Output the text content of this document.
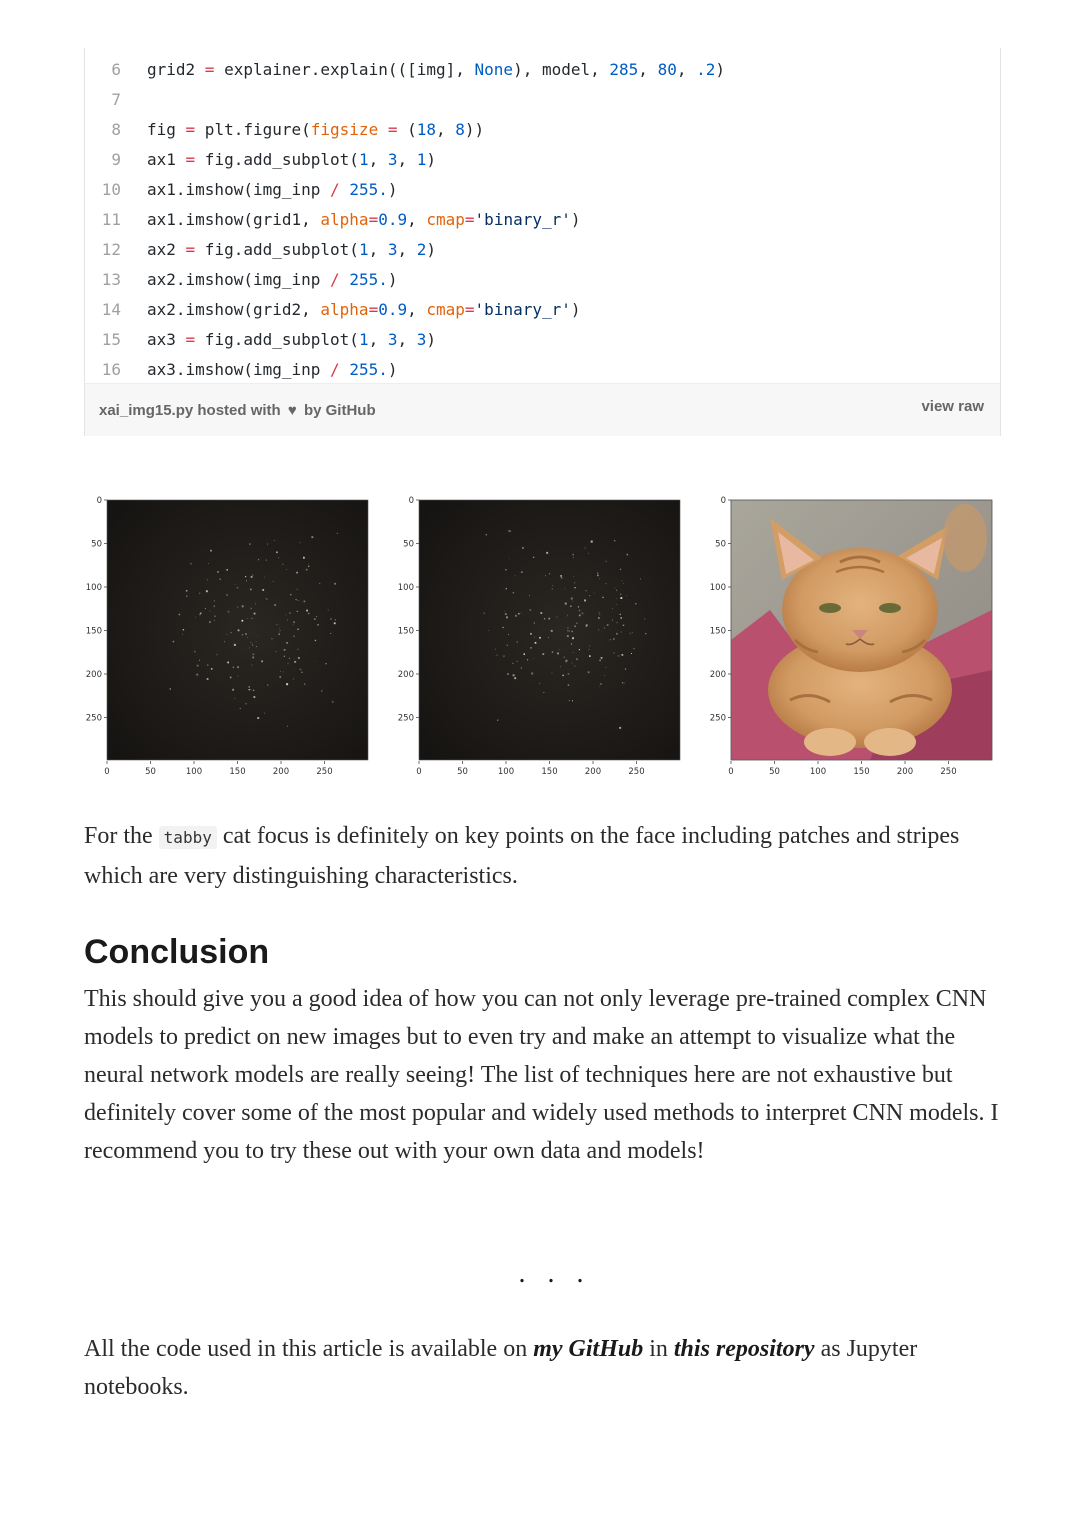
6 grid2 = explainer.explain(([img], None), model, 285, 80, .2)
7
8 fig = plt.figure(figsize = (18, 8))
9 ax1 = fig.add_subplot(1, 3, 1)
10 ax1.imshow(img_inp / 255.)
11 ax1.imshow(grid1, alpha=0.9, cmap='binary_r')
12 ax2 = fig.add_subplot(1, 3, 2)
13 ax2.imshow(img_inp / 255.)
14 ax2.imshow(grid2, alpha=0.9, cmap='binary_r')
15 ax3 = fig.add_subplot(1, 3, 3)
16 ax3.imshow(img_inp / 255.)
xai_img15.py hosted with ♥ by GitHub	view raw
0	50	100	150	200	250
0
50
100
150
200
250
0	50	100	150	200	250
0
50
100
150
200
250
0	50	100	150	200	250
0
50
100
150
200
250

For the tabby cat focus is definitely on key points on the face including patches and stripes which are very distinguishing characteristics.

Conclusion

This should give you a good idea of how you can not only leverage pre-trained complex CNN models to predict on new images but to even try and make an attempt to visualize what the neural network models are really seeing! The list of techniques here are not exhaustive but definitely cover some of the most popular and widely used methods to interpret CNN models. I recommend you to try these out with your own data and models!

...

All the code used in this article is available on my GitHub in this repository as Jupyter notebooks.
